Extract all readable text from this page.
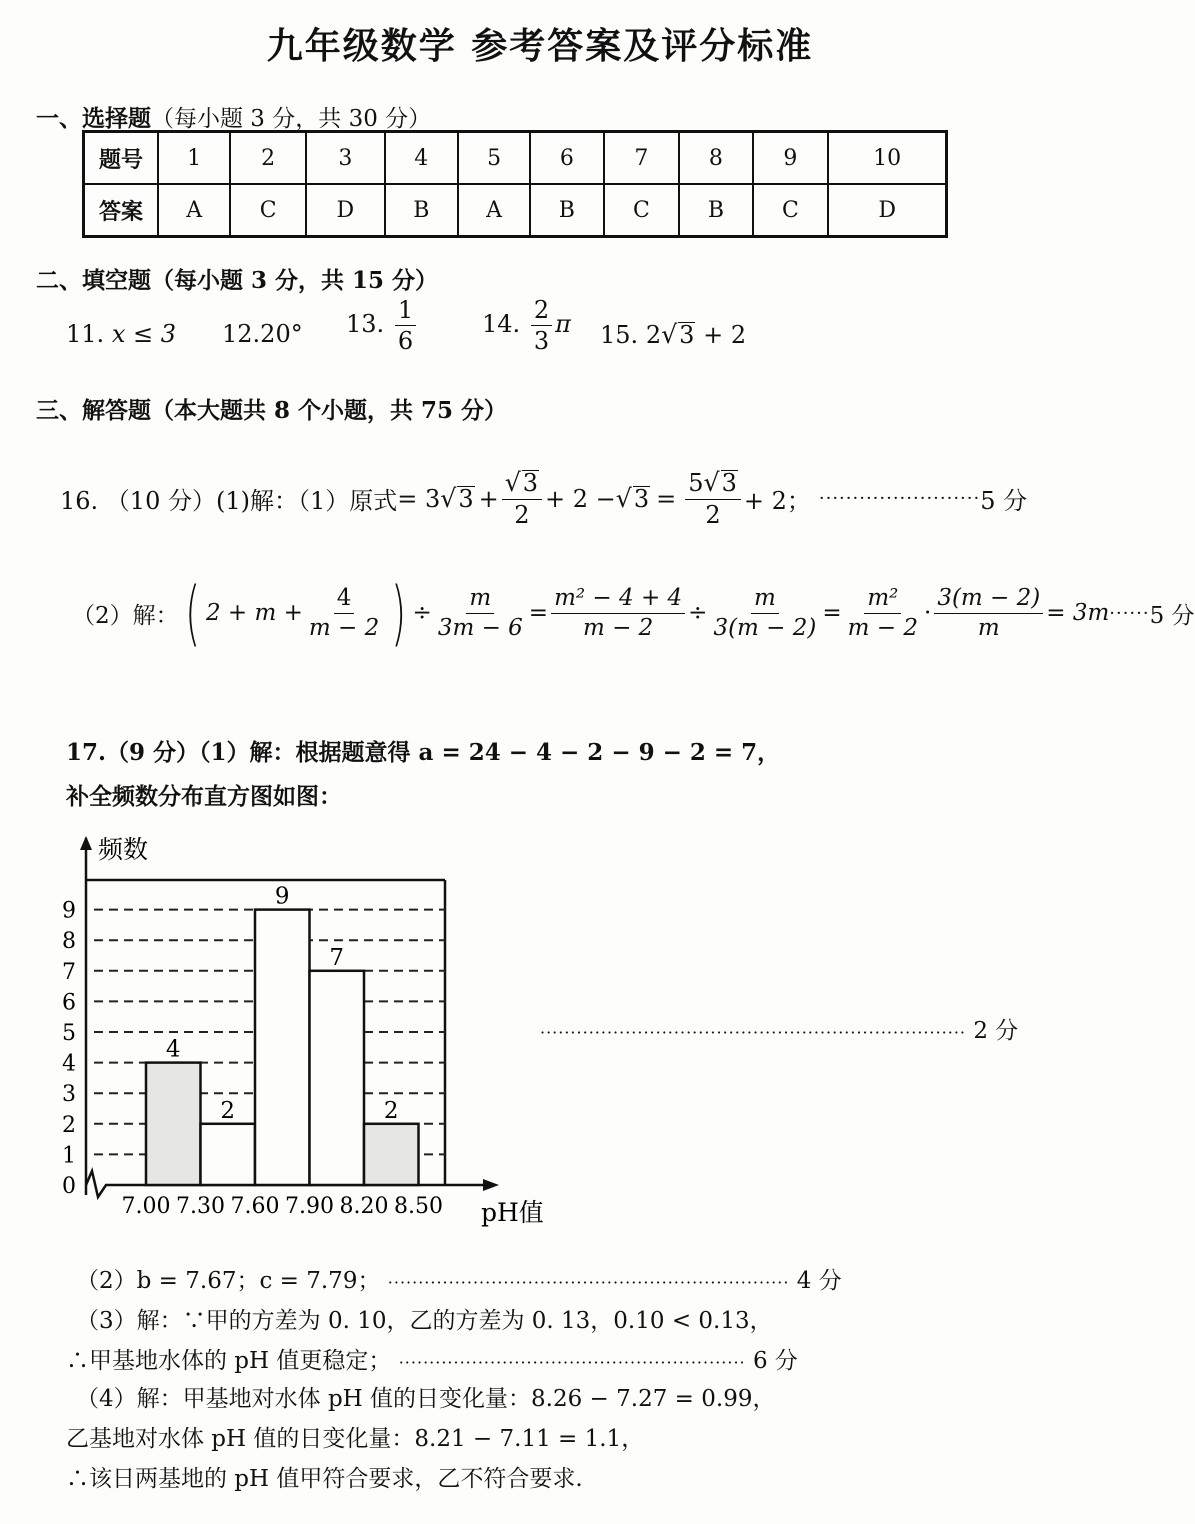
九年级数学 参考答案及评分标准
一、选择题（每小题 3 分，共 30 分）
题号	1	2	3	4	5	6	7	8	9	10
答案	A	C	D	B	A	B	C	B	C	D
二、填空题（每小题 3 分，共 15 分）
11. x ≤ 3 12.20° 13. $\frac{1}{6}$	14. $\frac{2}{3}$ π 15. 2√3 + 2
三、解答题（本大题共 8 个小题，共 75 分）
16. （10 分）(1)解：（1）原式 = 3 √ $3 + \frac{√3}{2} + 2$ − √ $3 = \frac{5√3}{2} + 2$； ························ 5 分
（2）解： ( $2 + m + \frac{4}{m - 2}$ ) ÷ $\frac{m}{3m - 6} = \frac{\text{m² − 4 + 4}}{m - 2} \div \frac{m}{3(m - 2)} = \frac{\text{m²}}{m - 2} \cdot \frac{3(m - 2)}{m} = 3m$ ······ 5 分
17.（9 分）（1）解：根据题意得 a = 24 − 4 − 2 − 9 − 2 = 7，
补全频数分布直方图如图：
0
1
2
3
4
5
6
7
8
9
频数
4
2
9
7
2
7.00 7.30 7.60 7.90 8.20 8.50 pH值
······································································ 2 分
（2）b = 7.67；c = 7.79； ·································································· 4 分
（3）解：∵甲的方差为 0. 10，乙的方差为 0. 13，0.10 < 0.13，
∴甲基地水体的 pH 值更稳定； ························································· 6 分
（4）解：甲基地对水体 pH 值的日变化量：8.26 − 7.27 = 0.99，
乙基地对水体 pH 值的日变化量：8.21 − 7.11 = 1.1，
∴该日两基地的 pH 值甲符合要求，乙不符合要求.
